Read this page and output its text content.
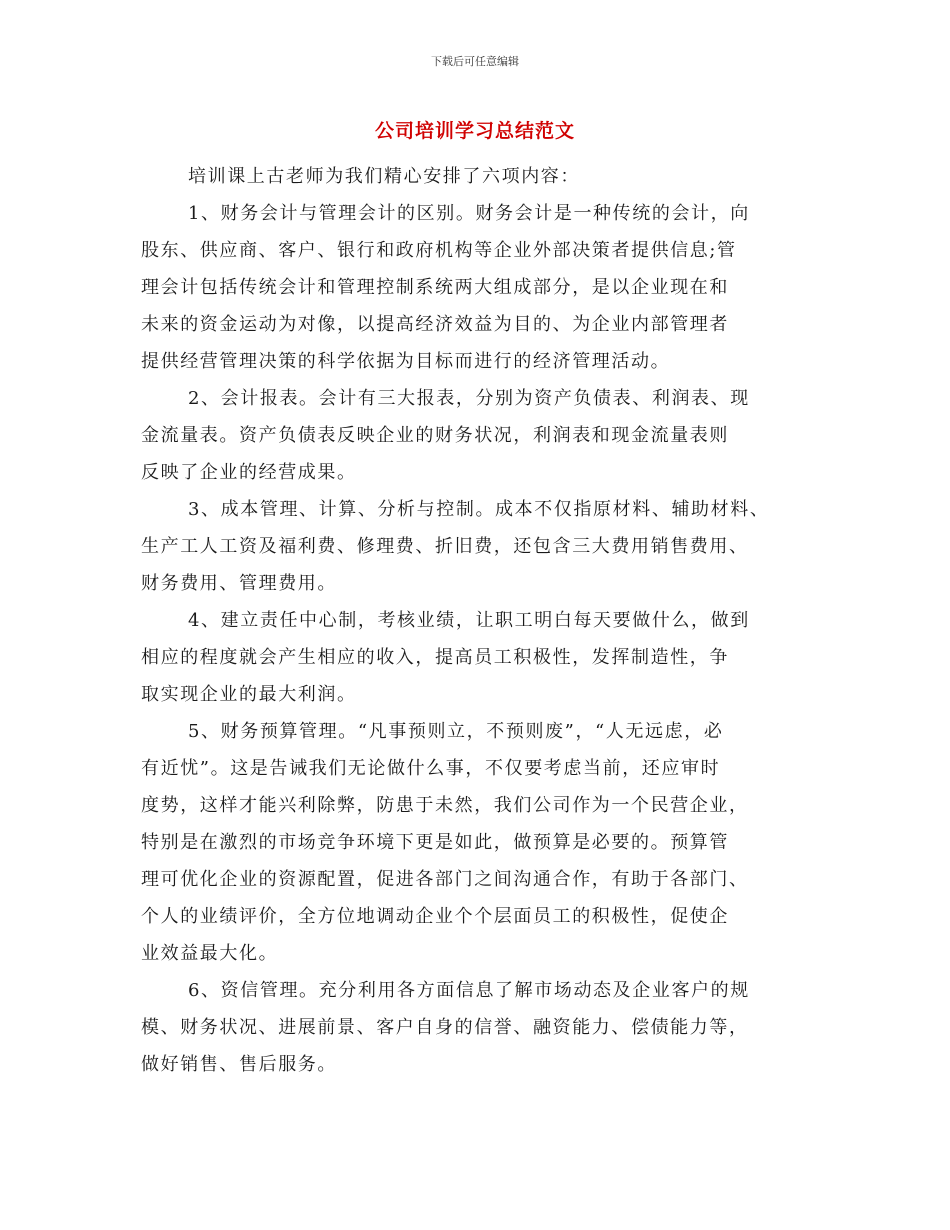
下载后可任意编辑
公司培训学习总结范文
培训课上古老师为我们精心安排了六项内容：
1、财务会计与管理会计的区别。财务会计是一种传统的会计，向
股东、供应商、客户、银行和政府机构等企业外部决策者提供信息;管
理会计包括传统会计和管理控制系统两大组成部分，是以企业现在和
未来的资金运动为对像，以提高经济效益为目的、为企业内部管理者
提供经营管理决策的科学依据为目标而进行的经济管理活动。
2、会计报表。会计有三大报表，分别为资产负债表、利润表、现
金流量表。资产负债表反映企业的财务状况，利润表和现金流量表则
反映了企业的经营成果。
3、成本管理、计算、分析与控制。成本不仅指原材料、辅助材料、
生产工人工资及福利费、修理费、折旧费，还包含三大费用销售费用、
财务费用、管理费用。
4、建立责任中心制，考核业绩，让职工明白每天要做什么，做到
相应的程度就会产生相应的收入，提高员工积极性，发挥制造性，争
取实现企业的最大利润。
5、财务预算管理。“凡事预则立，不预则废”，“人无远虑，必
有近忧”。这是告诫我们无论做什么事，不仅要考虑当前，还应审时
度势，这样才能兴利除弊，防患于未然，我们公司作为一个民营企业，
特别是在激烈的市场竞争环境下更是如此，做预算是必要的。预算管
理可优化企业的资源配置，促进各部门之间沟通合作，有助于各部门、
个人的业绩评价，全方位地调动企业个个层面员工的积极性，促使企
业效益最大化。
6、资信管理。充分利用各方面信息了解市场动态及企业客户的规
模、财务状况、进展前景、客户自身的信誉、融资能力、偿债能力等，
做好销售、售后服务。
